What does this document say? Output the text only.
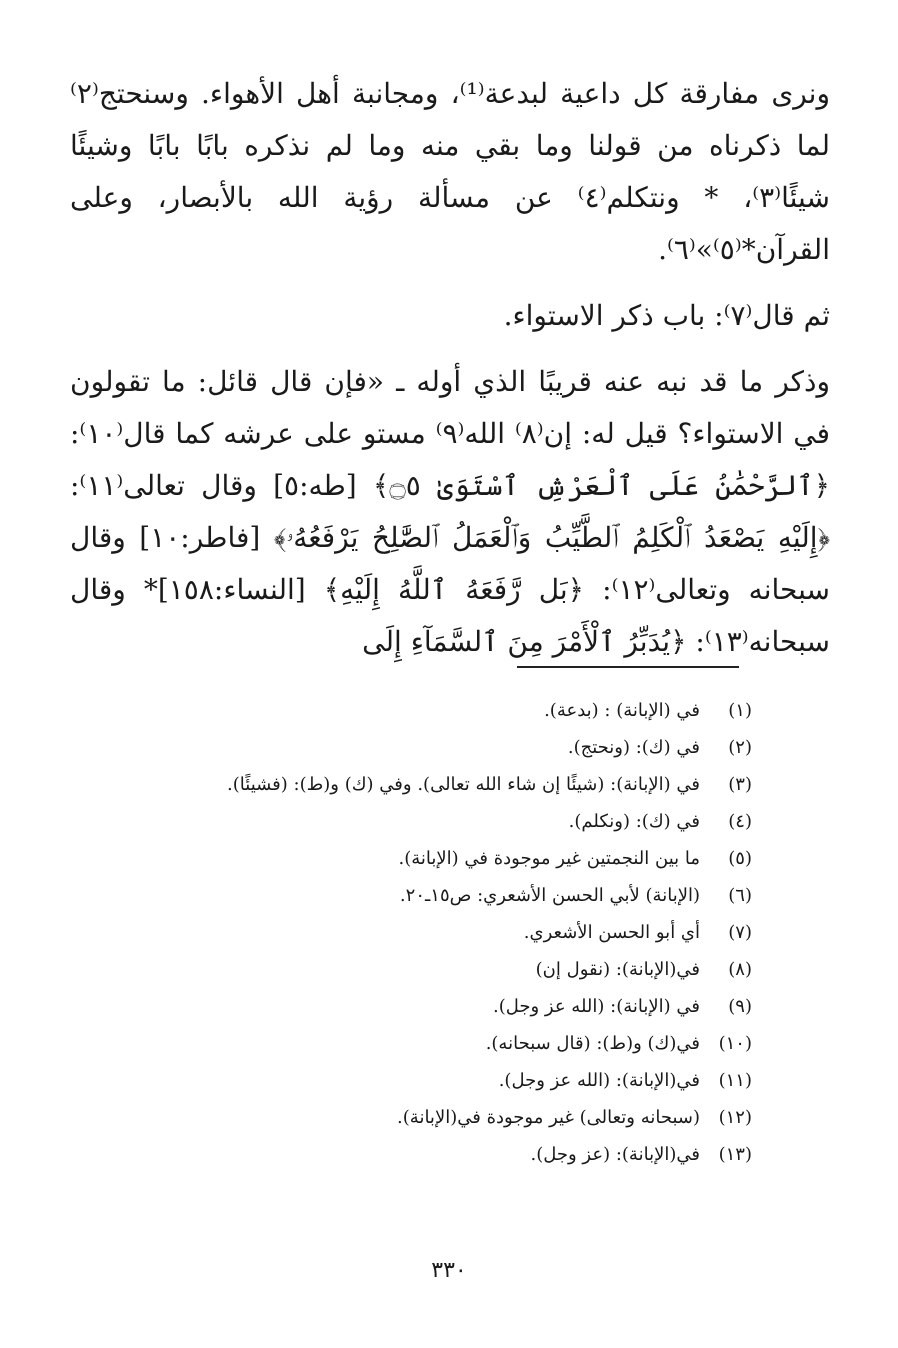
ونرى مفارقة كل داعية لبدعة⁽¹⁾، ومجانبة أهل الأهواء. وسنحتج⁽٢⁾ لما ذكرناه من قولنا وما بقي منه وما لم نذكره بابًا بابًا وشيئًا شيئًا⁽٣⁾، * ونتكلم⁽٤⁾ عن مسألة رؤية الله بالأبصار، وعلى القرآن*⁽٥⁾»⁽٦⁾.

ثم قال⁽٧⁾: باب ذكر الاستواء.

وذكر ما قد نبه عنه قريبًا الذي أوله ـ «فإن قال قائل: ما تقولون في الاستواء؟ قيل له: إن⁽٨⁾ الله⁽٩⁾ مستو على عرشه كما قال⁽١٠⁾: ﴿ٱلرَّحْمَٰنُ عَلَى ٱلْعَرْشِ ٱسْتَوَىٰ ۝٥﴾ [طه:٥] وقال تعالى⁽١١⁾: ﴿إِلَيْهِ يَصْعَدُ ٱلْكَلِمُ ٱلطَّيِّبُ وَٱلْعَمَلُ ٱلصَّٰلِحُ يَرْفَعُهُۥ﴾ [فاطر:١٠] وقال سبحانه وتعالى⁽١٢⁾: ﴿بَل رَّفَعَهُ ٱللَّهُ إِلَيْهِ﴾ [النساء:١٥٨]* وقال سبحانه⁽١٣⁾: ﴿يُدَبِّرُ ٱلْأَمْرَ مِنَ ٱلسَّمَآءِ إِلَى

(١)
في (الإبانة) : (بدعة).
(٢)
في (ك): (ونحتج).
(٣)
في (الإبانة): (شيئًا إن شاء الله تعالى). وفي (ك) و(ط): (فشيئًا).
(٤)
في (ك): (ونكلم).
(٥)
ما بين النجمتين غير موجودة في (الإبانة).
(٦)
(الإبانة) لأبي الحسن الأشعري: ص١٥ـ٢٠.
(٧)
أي أبو الحسن الأشعري.
(٨)
في(الإبانة): (نقول إن)
(٩)
في (الإبانة): (الله عز وجل).
(١٠)
في(ك) و(ط): (قال سبحانه).
(١١)
في(الإبانة): (الله عز وجل).
(١٢)
(سبحانه وتعالى) غير موجودة في(الإبانة).
(١٣)
في(الإبانة): (عز وجل).
٣٣٠
